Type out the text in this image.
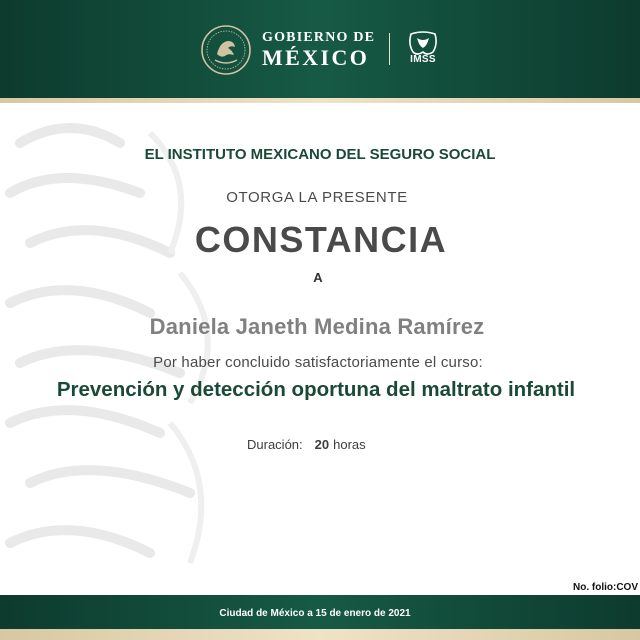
GOBIERNO DE
MÉXICO	IMSS
EL INSTITUTO MEXICANO DEL SEGURO SOCIAL
OTORGA LA PRESENTE
CONSTANCIA
A
Daniela Janeth Medina Ramírez
Por haber concluido satisfactoriamente el curso:
Prevención y detección oportuna del maltrato infantil
Duración: 20 horas
No. folio:COV
Ciudad de México a 15 de enero de 2021
